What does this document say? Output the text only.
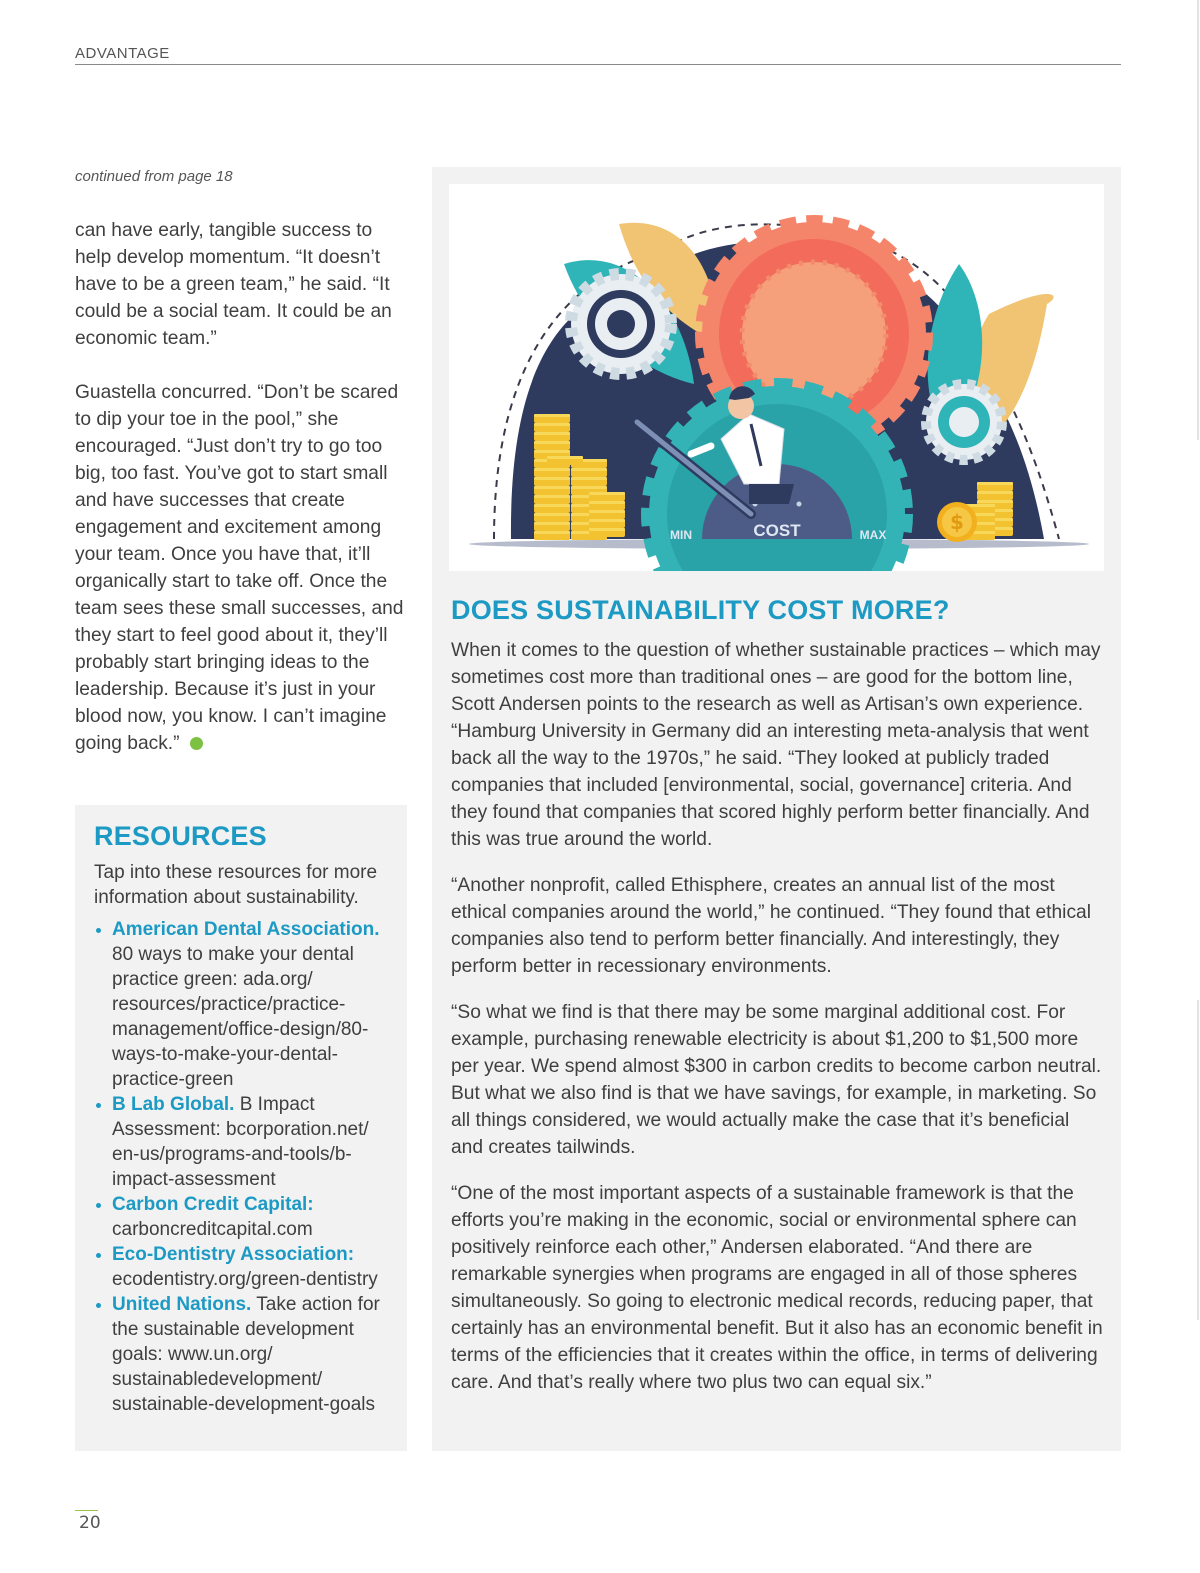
ADVANTAGE
continued from page 18

can have early, tangible success to help develop momentum. “It doesn’t have to be a green team,” he said. “It could be a social team. It could be an economic team.”

Guastella concurred. “Don’t be scared to dip your toe in the pool,” she encouraged. “Just don’t try to go too big, too fast. You’ve got to start small and have successes that create engagement and excitement among your team. Once you have that, it’ll organically start to take off. Once the team sees these small successes, and they start to feel good about it, they’ll probably start bringing ideas to the leadership. Because it’s just in your blood now, you know. I can’t imagine going back.”

RESOURCES
Tap into these resources for more information about sustainability.
American Dental Association. 80 ways to make your dental practice green: ada.org/ resources/practice/practice-management/office-design/80-ways-to-make-your-dental-practice-green
B Lab Global. B Impact Assessment: bcorporation.net/ en-us/programs-and-tools/b-impact-assessment
Carbon Credit Capital: carboncreditcapital.com
Eco-Dentistry Association: ecodentistry.org/green-dentistry
United Nations. Take action for the sustainable development goals: www.un.org/ sustainabledevelopment/ sustainable-development-goals
COST
MIN	MAX
$
DOES SUSTAINABILITY COST MORE?

When it comes to the question of whether sustainable practices – which may sometimes cost more than traditional ones – are good for the bottom line, Scott Andersen points to the research as well as Artisan’s own experience. “Hamburg University in Germany did an interesting meta-analysis that went back all the way to the 1970s,” he said. “They looked at publicly traded companies that included [environmental, social, governance] criteria. And they found that companies that scored highly perform better financially. And this was true around the world.

“Another nonprofit, called Ethisphere, creates an annual list of the most ethical companies around the world,” he continued. “They found that ethical companies also tend to perform better financially. And interestingly, they perform better in recessionary environments.

“So what we find is that there may be some marginal additional cost. For example, purchasing renewable electricity is about $1,200 to $1,500 more per year. We spend almost $300 in carbon credits to become carbon neutral. But what we also find is that we have savings, for example, in marketing. So all things considered, we would actually make the case that it’s beneficial and creates tailwinds.

“One of the most important aspects of a sustainable framework is that the efforts you’re making in the economic, social or environmental sphere can positively reinforce each other,” Andersen elaborated. “And there are remarkable synergies when programs are engaged in all of those spheres simultaneously. So going to electronic medical records, reducing paper, that certainly has an environmental benefit. But it also has an economic benefit in terms of the efficiencies that it creates within the office, in terms of delivering care. And that’s really where two plus two can equal six.”

20
